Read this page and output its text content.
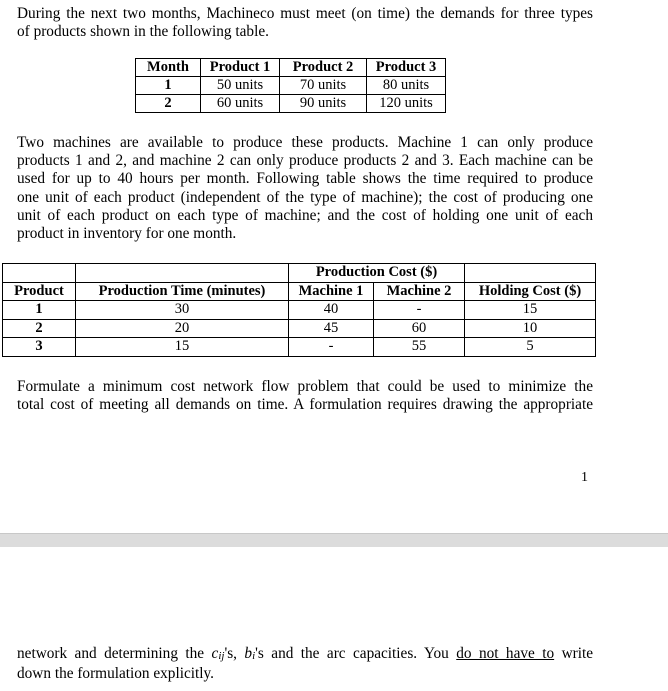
During the next two months, Machineco must meet (on time) the demands for three types
of products shown in the following table.
Month	Product 1	Product 2	Product 3
1	50 units	70 units	80 units
2	60 units	90 units	120 units
Two machines are available to produce these products. Machine 1 can only produce
products 1 and 2, and machine 2 can only produce products 2 and 3. Each machine can be
used for up to 40 hours per month. Following table shows the time required to produce
one unit of each product (independent of the type of machine); the cost of producing one
unit of each product on each type of machine; and the cost of holding one unit of each
product in inventory for one month.
		Production Cost ($)		
Product	Production Time (minutes)	Machine 1	Machine 2	Holding Cost ($)
1	30	40	-	15
2	20	45	60	10
3	15	-	55	5
Formulate a minimum cost network flow problem that could be used to minimize the
total cost of meeting all demands on time. A formulation requires drawing the appropriate
1
network and determining the cij's, bi's and the arc capacities. You do not have to write
down the formulation explicitly.
